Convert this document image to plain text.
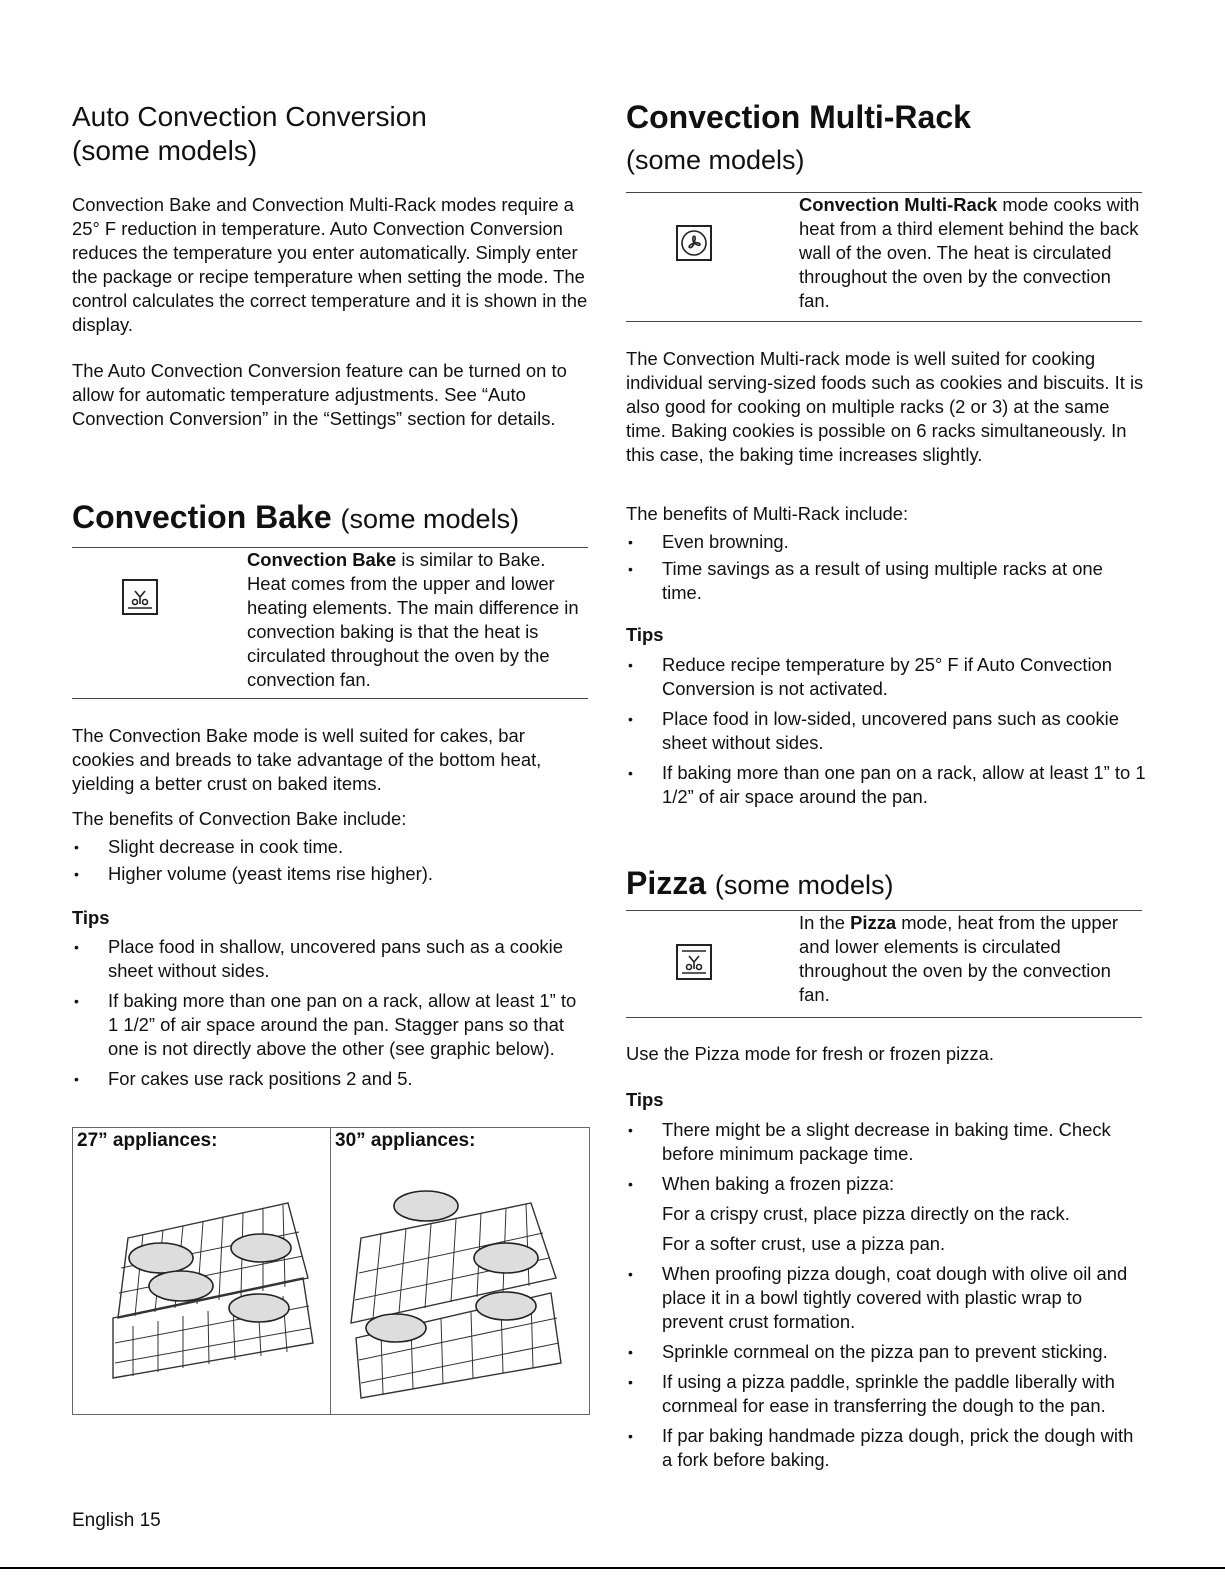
Auto Convection Conversion
(some models)

Convection Bake and Convection Multi-Rack modes require a 25° F reduction in temperature. Auto Convection Conversion reduces the temperature you enter automatically. Simply enter the package or recipe temperature when setting the mode. The control calculates the correct temperature and it is shown in the display.

The Auto Convection Conversion feature can be turned on to allow for automatic temperature adjustments. See “Auto Convection Conversion” in the “Settings” section for details.

Convection Bake (some models)
Convection Bake is similar to Bake. Heat comes from the upper and lower heating elements. The main difference in convection baking is that the heat is circulated throughout the oven by the convection fan.

The Convection Bake mode is well suited for cakes, bar cookies and breads to take advantage of the bottom heat, yielding a better crust on baked items.

The benefits of Convection Bake include:

• Slight decrease in cook time.
• Higher volume (yeast items rise higher).
Tips
• Place food in shallow, uncovered pans such as a cookie sheet without sides.
• If baking more than one pan on a rack, allow at least 1” to 1 1/2” of air space around the pan. Stagger pans so that one is not directly above the other (see graphic below).
• For cakes use rack positions 2 and 5.
27” appliances:	30” appliances:
Convection Multi-Rack
(some models)
Convection Multi-Rack mode cooks with heat from a third element behind the back wall of the oven. The heat is circulated throughout the oven by the convection fan.

The Convection Multi-rack mode is well suited for cooking individual serving-sized foods such as cookies and biscuits. It is also good for cooking on multiple racks (2 or 3) at the same time. Baking cookies is possible on 6 racks simultaneously. In this case, the baking time increases slightly.

The benefits of Multi-Rack include:

• Even browning.
• Time savings as a result of using multiple racks at one time.
Tips
• Reduce recipe temperature by 25° F if Auto Convection Conversion is not activated.
• Place food in low-sided, uncovered pans such as cookie sheet without sides.
• If baking more than one pan on a rack, allow at least 1” to 1 1/2” of air space around the pan.
Pizza (some models)
In the Pizza mode, heat from the upper and lower elements is circulated throughout the oven by the convection fan.

Use the Pizza mode for fresh or frozen pizza.

Tips
• There might be a slight decrease in baking time. Check before minimum package time.
• When baking a frozen pizza:
For a crispy crust, place pizza directly on the rack.
For a softer crust, use a pizza pan.
• When proofing pizza dough, coat dough with olive oil and place it in a bowl tightly covered with plastic wrap to prevent crust formation.
• Sprinkle cornmeal on the pizza pan to prevent sticking.
• If using a pizza paddle, sprinkle the paddle liberally with cornmeal for ease in transferring the dough to the pan.
• If par baking handmade pizza dough, prick the dough with a fork before baking.
English 15
